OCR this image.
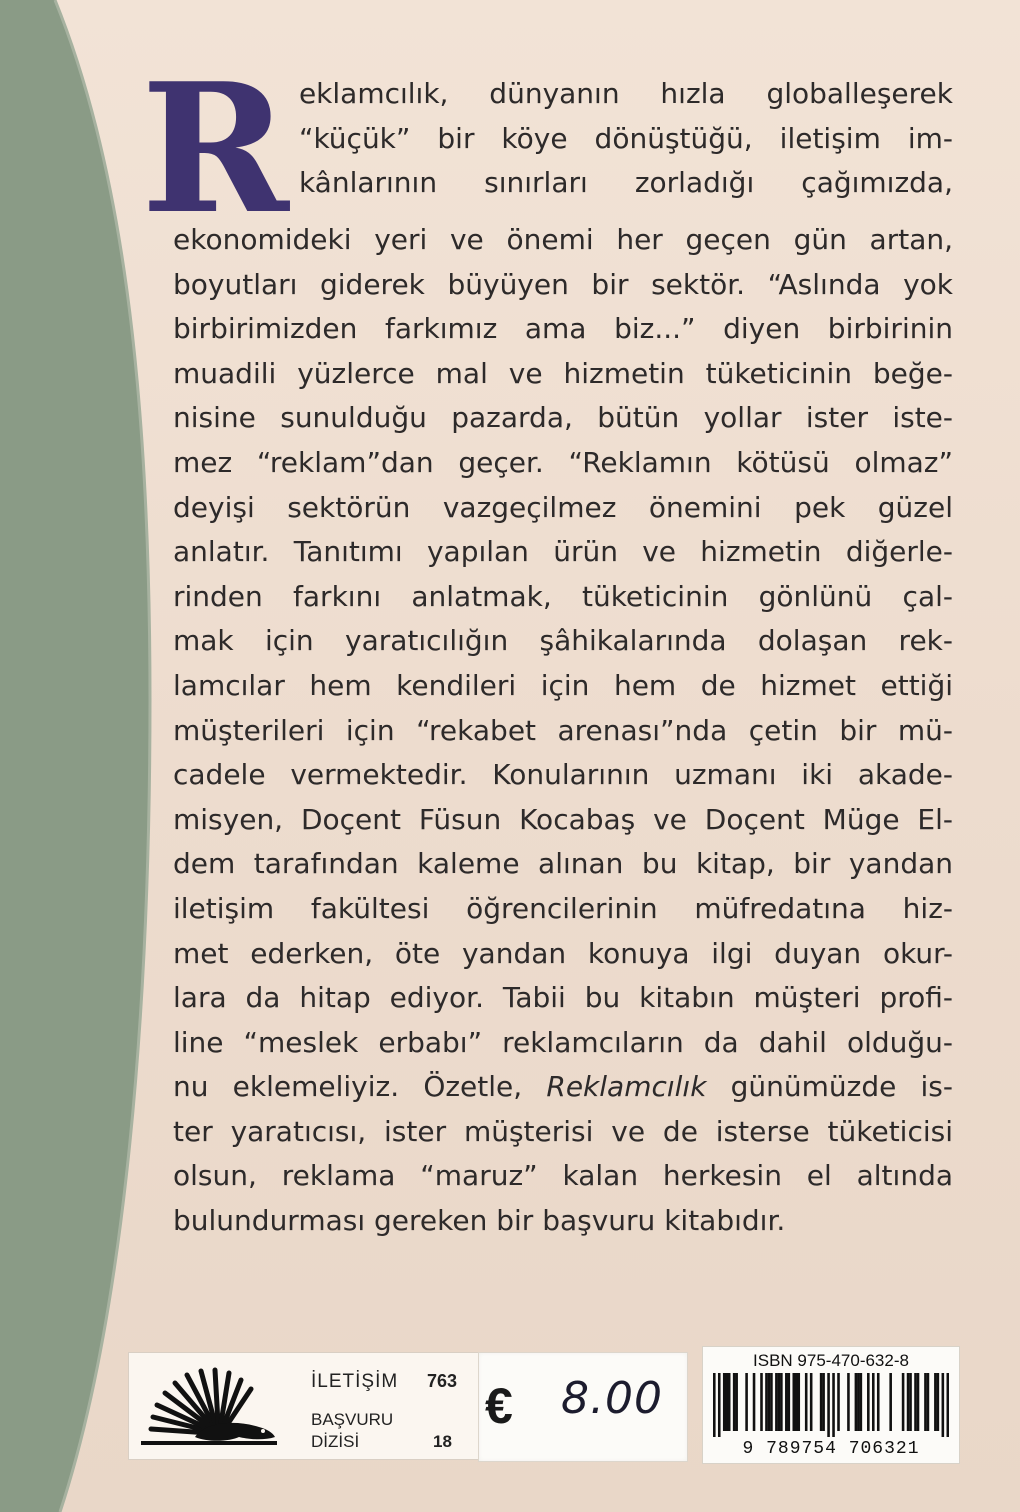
R eklamcılık, dünyanın hızla globalleşerek
“küçük” bir köye dönüştüğü, iletişim im-
kânlarının sınırları zorladığı çağımızda,
ekonomideki yeri ve önemi her geçen gün artan,
boyutları giderek büyüyen bir sektör. “Aslında yok
birbirimizden farkımız ama biz...” diyen birbirinin
muadili yüzlerce mal ve hizmetin tüketicinin beğe-
nisine sunulduğu pazarda, bütün yollar ister iste-
mez “reklam”dan geçer. “Reklamın kötüsü olmaz”
deyişi sektörün vazgeçilmez önemini pek güzel
anlatır. Tanıtımı yapılan ürün ve hizmetin diğerle-
rinden farkını anlatmak, tüketicinin gönlünü çal-
mak için yaratıcılığın şâhikalarında dolaşan rek-
lamcılar hem kendileri için hem de hizmet ettiği
müşterileri için “rekabet arenası”nda çetin bir mü-
cadele vermektedir. Konularının uzmanı iki akade-
misyen, Doçent Füsun Kocabaş ve Doçent Müge El-
dem tarafından kaleme alınan bu kitap, bir yandan
iletişim fakültesi öğrencilerinin müfredatına hiz-
met ederken, öte yandan konuya ilgi duyan okur-
lara da hitap ediyor. Tabii bu kitabın müşteri profi-
line “meslek erbabı” reklamcıların da dahil olduğu-
nu eklemeliyiz. Özetle, Reklamcılık günümüzde is-
ter yaratıcısı, ister müşterisi ve de isterse tüketicisi
olsun, reklama “maruz” kalan herkesin el altında
bulundurması gereken bir başvuru kitabıdır.
İLETİŞİM 763
BAŞVURU
DİZİSİ	18
€ 8.00
ISBN 975-470-632-8
9 789754 706321
